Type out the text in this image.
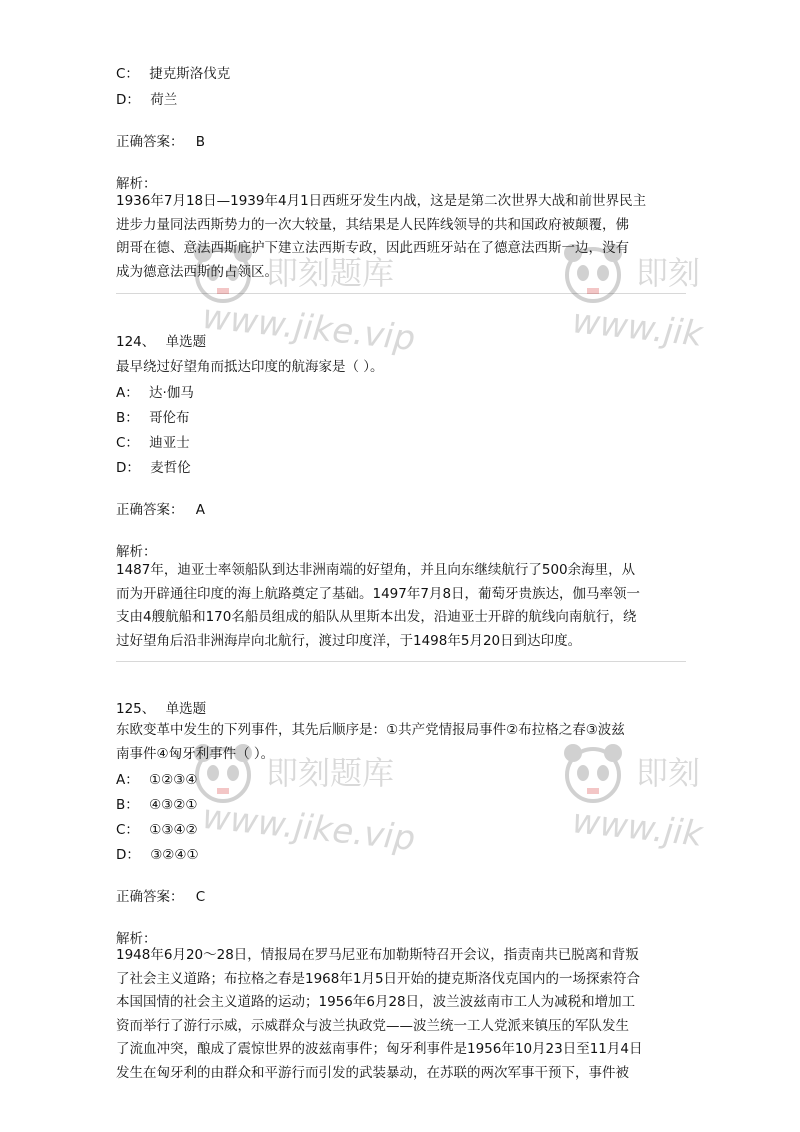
C： 捷克斯洛伐克
D： 荷兰
正确答案： B
解析：
1936年7月18日—1939年4月1日西班牙发生内战，这是是第二次世界大战和前世界民主
进步力量同法西斯势力的一次大较量，其结果是人民阵线领导的共和国政府被颠覆，佛
朗哥在德、意法西斯庇护下建立法西斯专政，因此西班牙站在了德意法西斯一边，没有
成为德意法西斯的占领区。
124、 单选题
最早绕过好望角而抵达印度的航海家是（ ）。
A： 达·伽马
B： 哥伦布
C： 迪亚士
D： 麦哲伦
正确答案： A
解析：
1487年，迪亚士率领船队到达非洲南端的好望角，并且向东继续航行了500余海里，从
而为开辟通往印度的海上航路奠定了基础。1497年7月8日，葡萄牙贵族达，伽马率领一
支由4艘航船和170名船员组成的船队从里斯本出发，沿迪亚士开辟的航线向南航行，绕
过好望角后沿非洲海岸向北航行，渡过印度洋，于1498年5月20日到达印度。
125、 单选题
东欧变革中发生的下列事件，其先后顺序是：①共产党情报局事件②布拉格之春③波兹
南事件④匈牙利事件（ ）。
A： ①②③④
B： ④③②①
C： ①③④②
D： ③②④①
正确答案： C
解析：
1948年6月20～28日，情报局在罗马尼亚布加勒斯特召开会议，指责南共已脱离和背叛
了社会主义道路；布拉格之春是1968年1月5日开始的捷克斯洛伐克国内的一场探索符合
本国国情的社会主义道路的运动；1956年6月28日，波兰波兹南市工人为减税和增加工
资而举行了游行示威，示威群众与波兰执政党——波兰统一工人党派来镇压的军队发生
了流血冲突，酿成了震惊世界的波兹南事件；匈牙利事件是1956年10月23日至11月4日
发生在匈牙利的由群众和平游行而引发的武装暴动，在苏联的两次军事干预下，事件被
即刻题库
www.jike.vip
即刻
www.jik
即刻题库
www.jike.vip
即刻
www.jik
